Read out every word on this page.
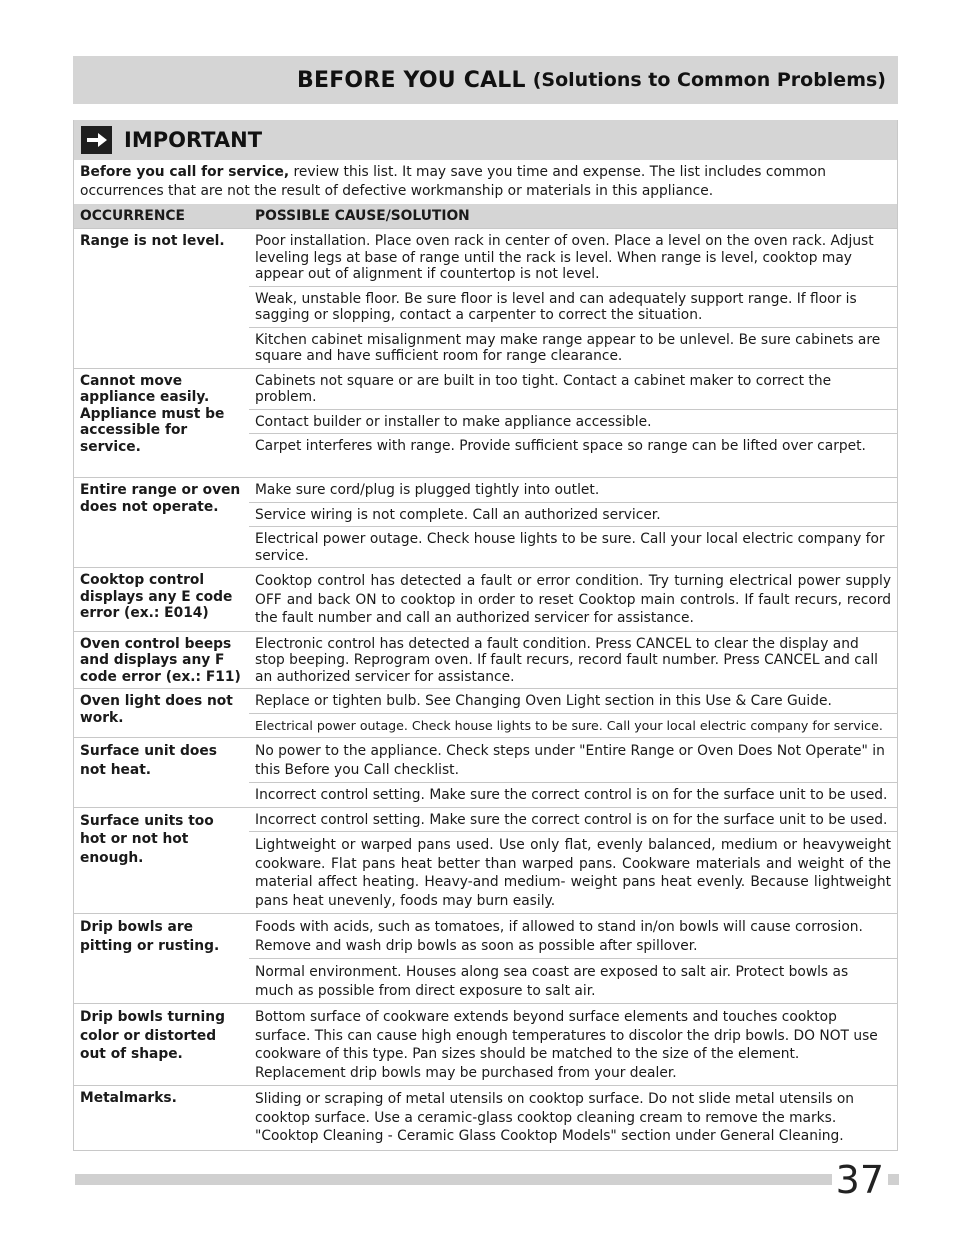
BEFORE YOU CALL (Solutions to Common Problems)
IMPORTANT
Before you call for service, review this list. It may save you time and expense. The list includes common occurrences that are not the result of defective workmanship or materials in this appliance.
OCCURRENCE	POSSIBLE CAUSE/SOLUTION
Range is not level.	Poor installation. Place oven rack in center of oven. Place a level on the oven rack. Adjust leveling legs at base of range until the rack is level. When range is level, cooktop may appear out of alignment if countertop is not level.
	Weak, unstable floor. Be sure floor is level and can adequately support range. If floor is sagging or slopping, contact a carpenter to correct the situation.
	Kitchen cabinet misalignment may make range appear to be unlevel. Be sure cabinets are square and have sufficient room for range clearance.
Cannot move appliance easily. Appliance must be accessible for service.	Cabinets not square or are built in too tight. Contact a cabinet maker to correct the problem.
	Contact builder or installer to make appliance accessible.
	Carpet interferes with range. Provide sufficient space so range can be lifted over carpet.
Entire range or oven does not operate.	Make sure cord/plug is plugged tightly into outlet.
	Service wiring is not complete. Call an authorized servicer.
	Electrical power outage. Check house lights to be sure. Call your local electric company for service.
Cooktop control displays any E code error (ex.: E014)	Cooktop control has detected a fault or error condition. Try turning electrical power supply OFF and back ON to cooktop in order to reset Cooktop main controls. If fault recurs, record the fault number and call an authorized servicer for assistance.
Oven control beeps and displays any F code error (ex.: F11)	Electronic control has detected a fault condition. Press CANCEL to clear the display and stop beeping. Reprogram oven. If fault recurs, record fault number. Press CANCEL and call an authorized servicer for assistance.
Oven light does not work.	Replace or tighten bulb. See Changing Oven Light section in this Use & Care Guide.
	Electrical power outage. Check house lights to be sure. Call your local electric company for service.
Surface unit does not heat.	No power to the appliance. Check steps under "Entire Range or Oven Does Not Operate" in this Before you Call checklist.
	Incorrect control setting. Make sure the correct control is on for the surface unit to be used.
Surface units too hot or not hot enough.	Incorrect control setting. Make sure the correct control is on for the surface unit to be used.
	Lightweight or warped pans used. Use only flat, evenly balanced, medium or heavyweight cookware. Flat pans heat better than warped pans. Cookware materials and weight of the material affect heating. Heavy-and medium- weight pans heat evenly. Because lightweight pans heat unevenly, foods may burn easily.
Drip bowls are pitting or rusting.	Foods with acids, such as tomatoes, if allowed to stand in/on bowls will cause corrosion. Remove and wash drip bowls as soon as possible after spillover.
	Normal environment. Houses along sea coast are exposed to salt air. Protect bowls as much as possible from direct exposure to salt air.
Drip bowls turning color or distorted out of shape.	Bottom surface of cookware extends beyond surface elements and touches cooktop surface. This can cause high enough temperatures to discolor the drip bowls. DO NOT use cookware of this type. Pan sizes should be matched to the size of the element. Replacement drip bowls may be purchased from your dealer.
Metalmarks.	Sliding or scraping of metal utensils on cooktop surface. Do not slide metal utensils on cooktop surface. Use a ceramic-glass cooktop cleaning cream to remove the marks. "Cooktop Cleaning - Ceramic Glass Cooktop Models" section under General Cleaning.
37
